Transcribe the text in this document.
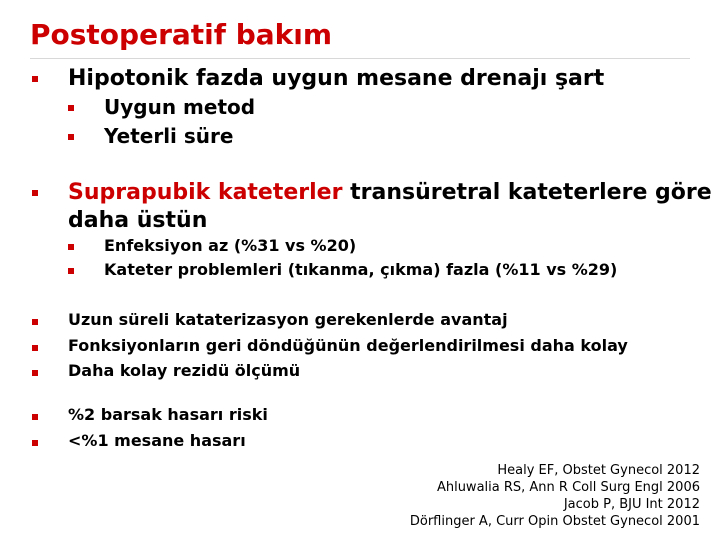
Postoperatif bakım
Hipotonik fazda uygun mesane drenajı şart
Uygun metod
Yeterli süre
Suprapubik kateterler transüretral kateterlere göre
daha üstün
Enfeksiyon az (%31 vs %20)
Kateter problemleri (tıkanma, çıkma) fazla (%11 vs %29)
Uzun süreli kataterizasyon gerekenlerde avantaj
Fonksiyonların geri döndüğünün değerlendirilmesi daha kolay
Daha kolay rezidü ölçümü
%2 barsak hasarı riski
<%1 mesane hasarı
Healy EF, Obstet Gynecol 2012
Ahluwalia RS, Ann R Coll Surg Engl 2006
Jacob P, BJU Int 2012
Dörflinger A, Curr Opin Obstet Gynecol 2001
